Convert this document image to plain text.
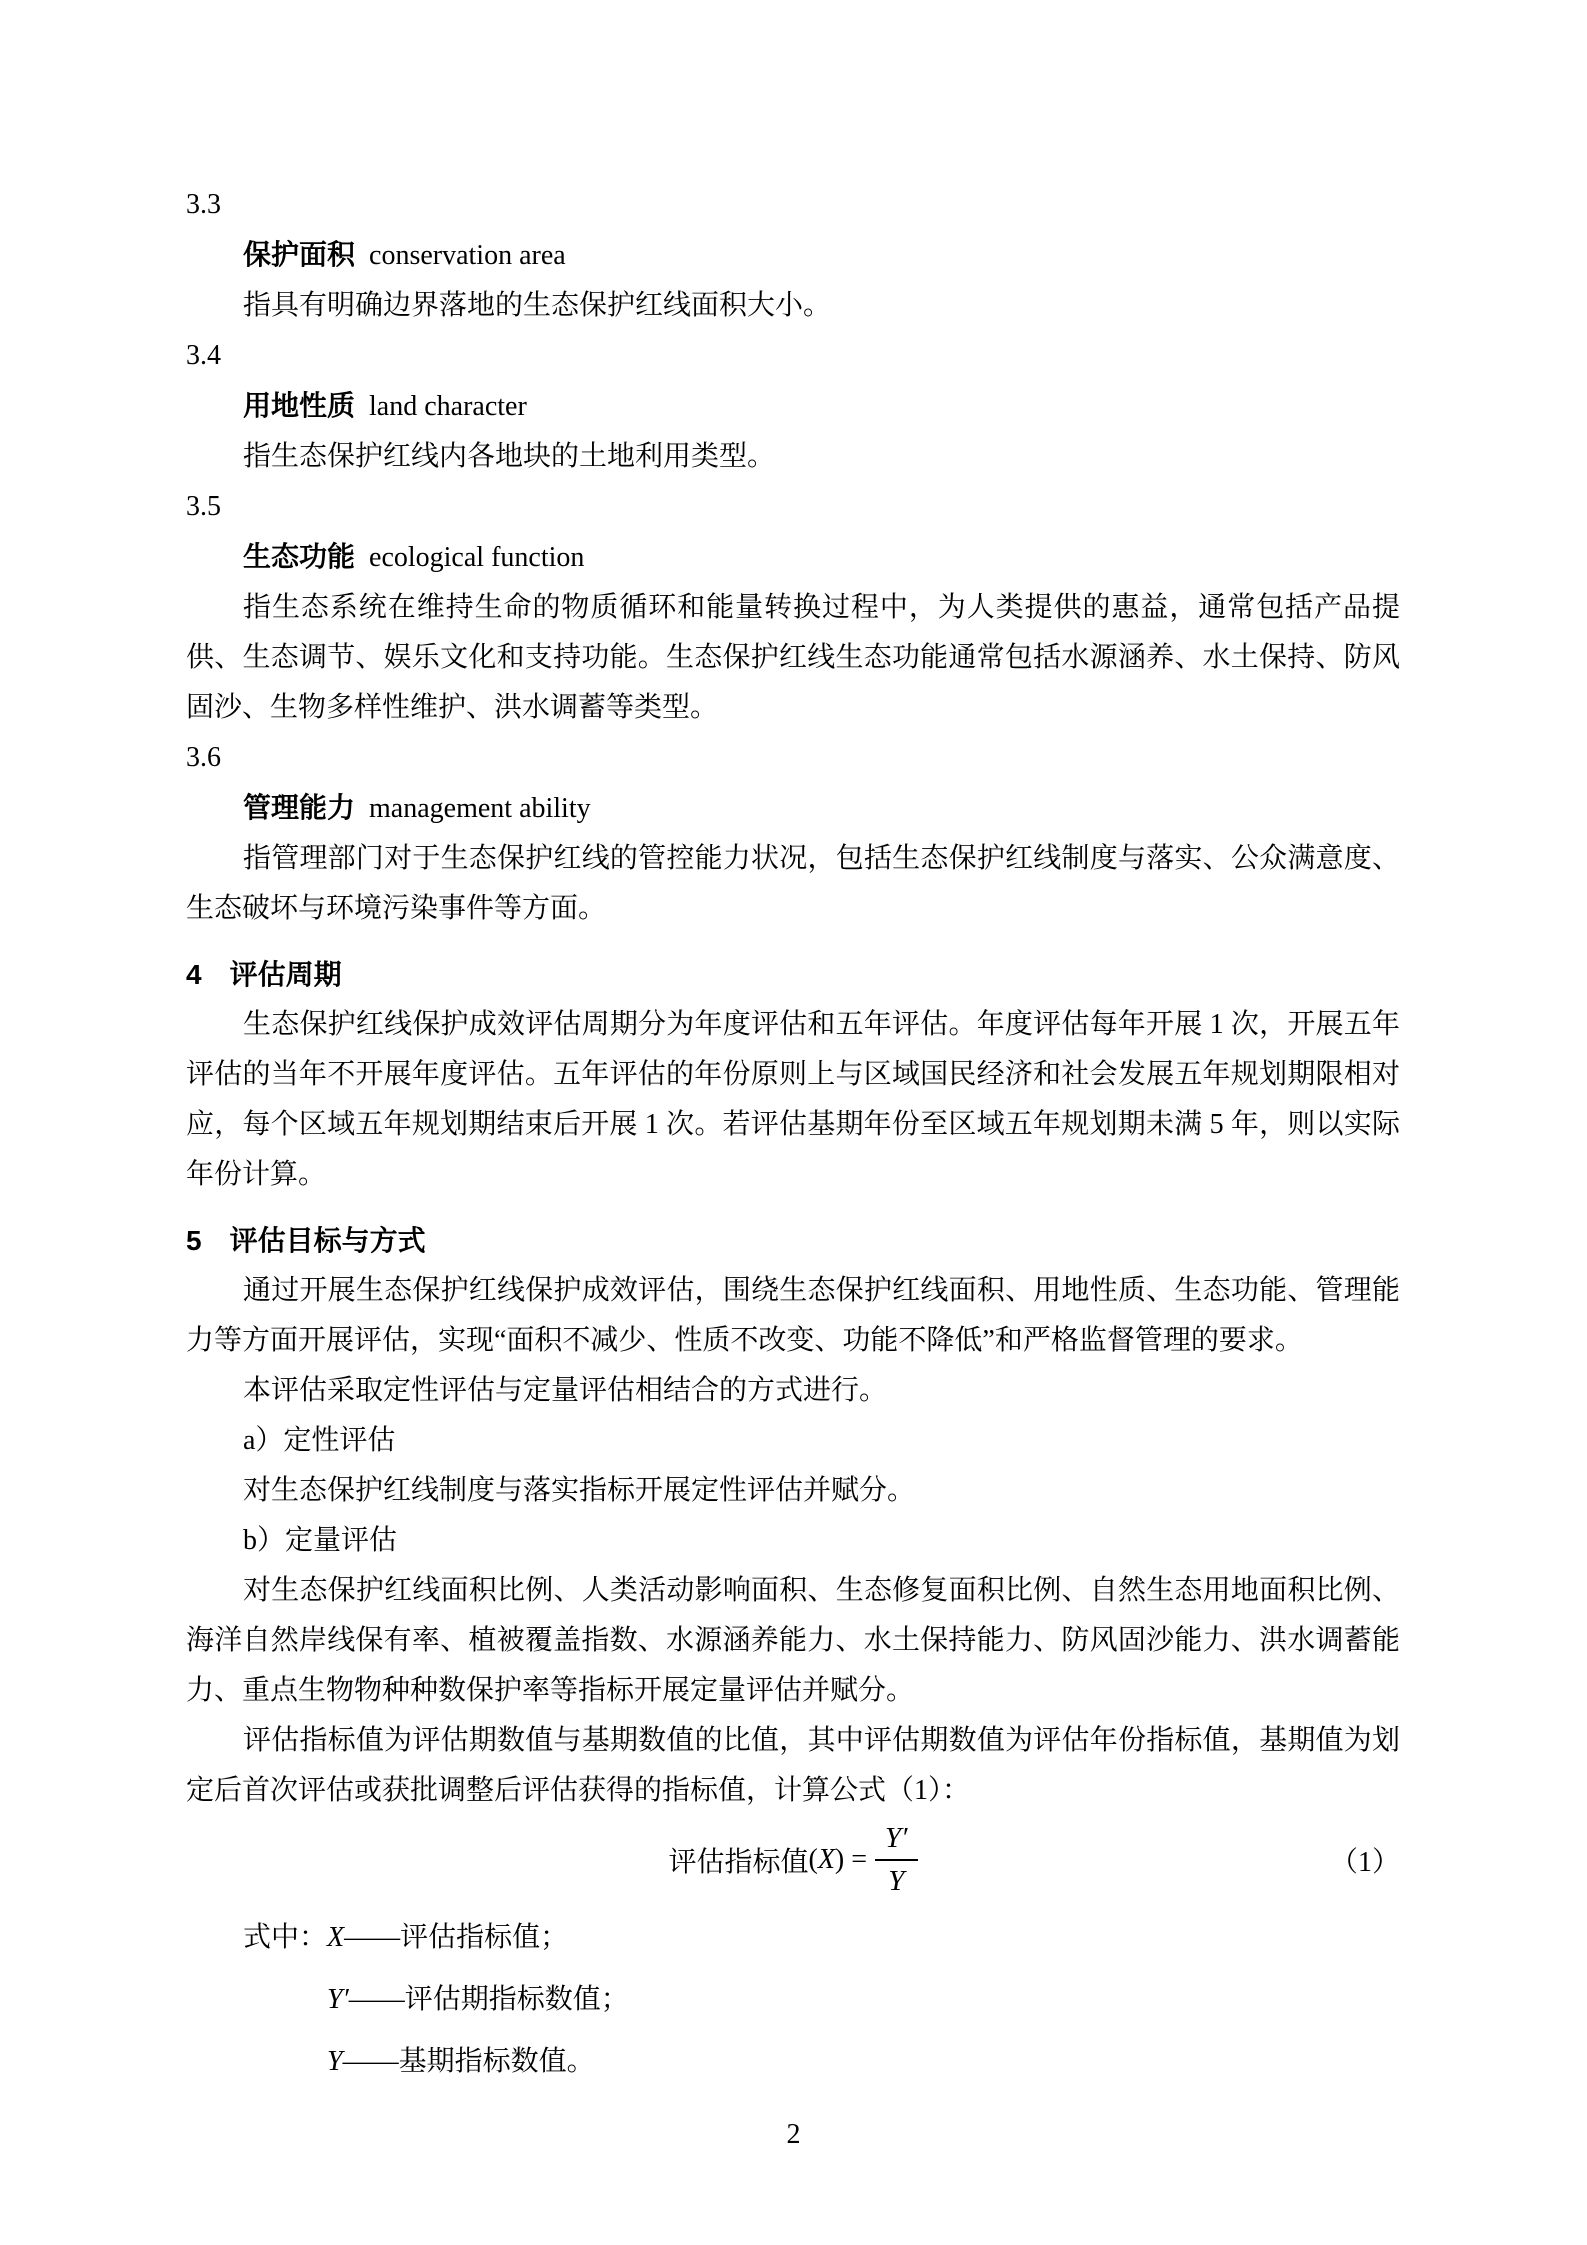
3.3
保护面积 conservation area

指具有明确边界落地的生态保护红线面积大小。

3.4
用地性质 land character

指生态保护红线内各地块的土地利用类型。

3.5
生态功能 ecological function

指生态系统在维持生命的物质循环和能量转换过程中，为人类提供的惠益，通常包括产品提供、生态调节、娱乐文化和支持功能。生态保护红线生态功能通常包括水源涵养、水土保持、防风固沙、生物多样性维护、洪水调蓄等类型。

3.6
管理能力 management ability

指管理部门对于生态保护红线的管控能力状况，包括生态保护红线制度与落实、公众满意度、生态破坏与环境污染事件等方面。

4 评估周期

生态保护红线保护成效评估周期分为年度评估和五年评估。年度评估每年开展 1 次，开展五年评估的当年不开展年度评估。五年评估的年份原则上与区域国民经济和社会发展五年规划期限相对应，每个区域五年规划期结束后开展 1 次。若评估基期年份至区域五年规划期未满 5 年，则以实际年份计算。

5 评估目标与方式

通过开展生态保护红线保护成效评估，围绕生态保护红线面积、用地性质、生态功能、管理能力等方面开展评估，实现“面积不减少、性质不改变、功能不降低”和严格监督管理的要求。

本评估采取定性评估与定量评估相结合的方式进行。

a）定性评估

对生态保护红线制度与落实指标开展定性评估并赋分。

b）定量评估

对生态保护红线面积比例、人类活动影响面积、生态修复面积比例、自然生态用地面积比例、海洋自然岸线保有率、植被覆盖指数、水源涵养能力、水土保持能力、防风固沙能力、洪水调蓄能力、重点生物物种种数保护率等指标开展定量评估并赋分。

评估指标值为评估期数值与基期数值的比值，其中评估期数值为评估年份指标值，基期值为划定后首次评估或获批调整后评估获得的指标值，计算公式（1）：

评估指标值 ( X ) = $\frac{Y'}{Y}$	（1）
式中：X——评估指标值；
Y′——评估期指标数值；
Y——基期指标数值。
2
